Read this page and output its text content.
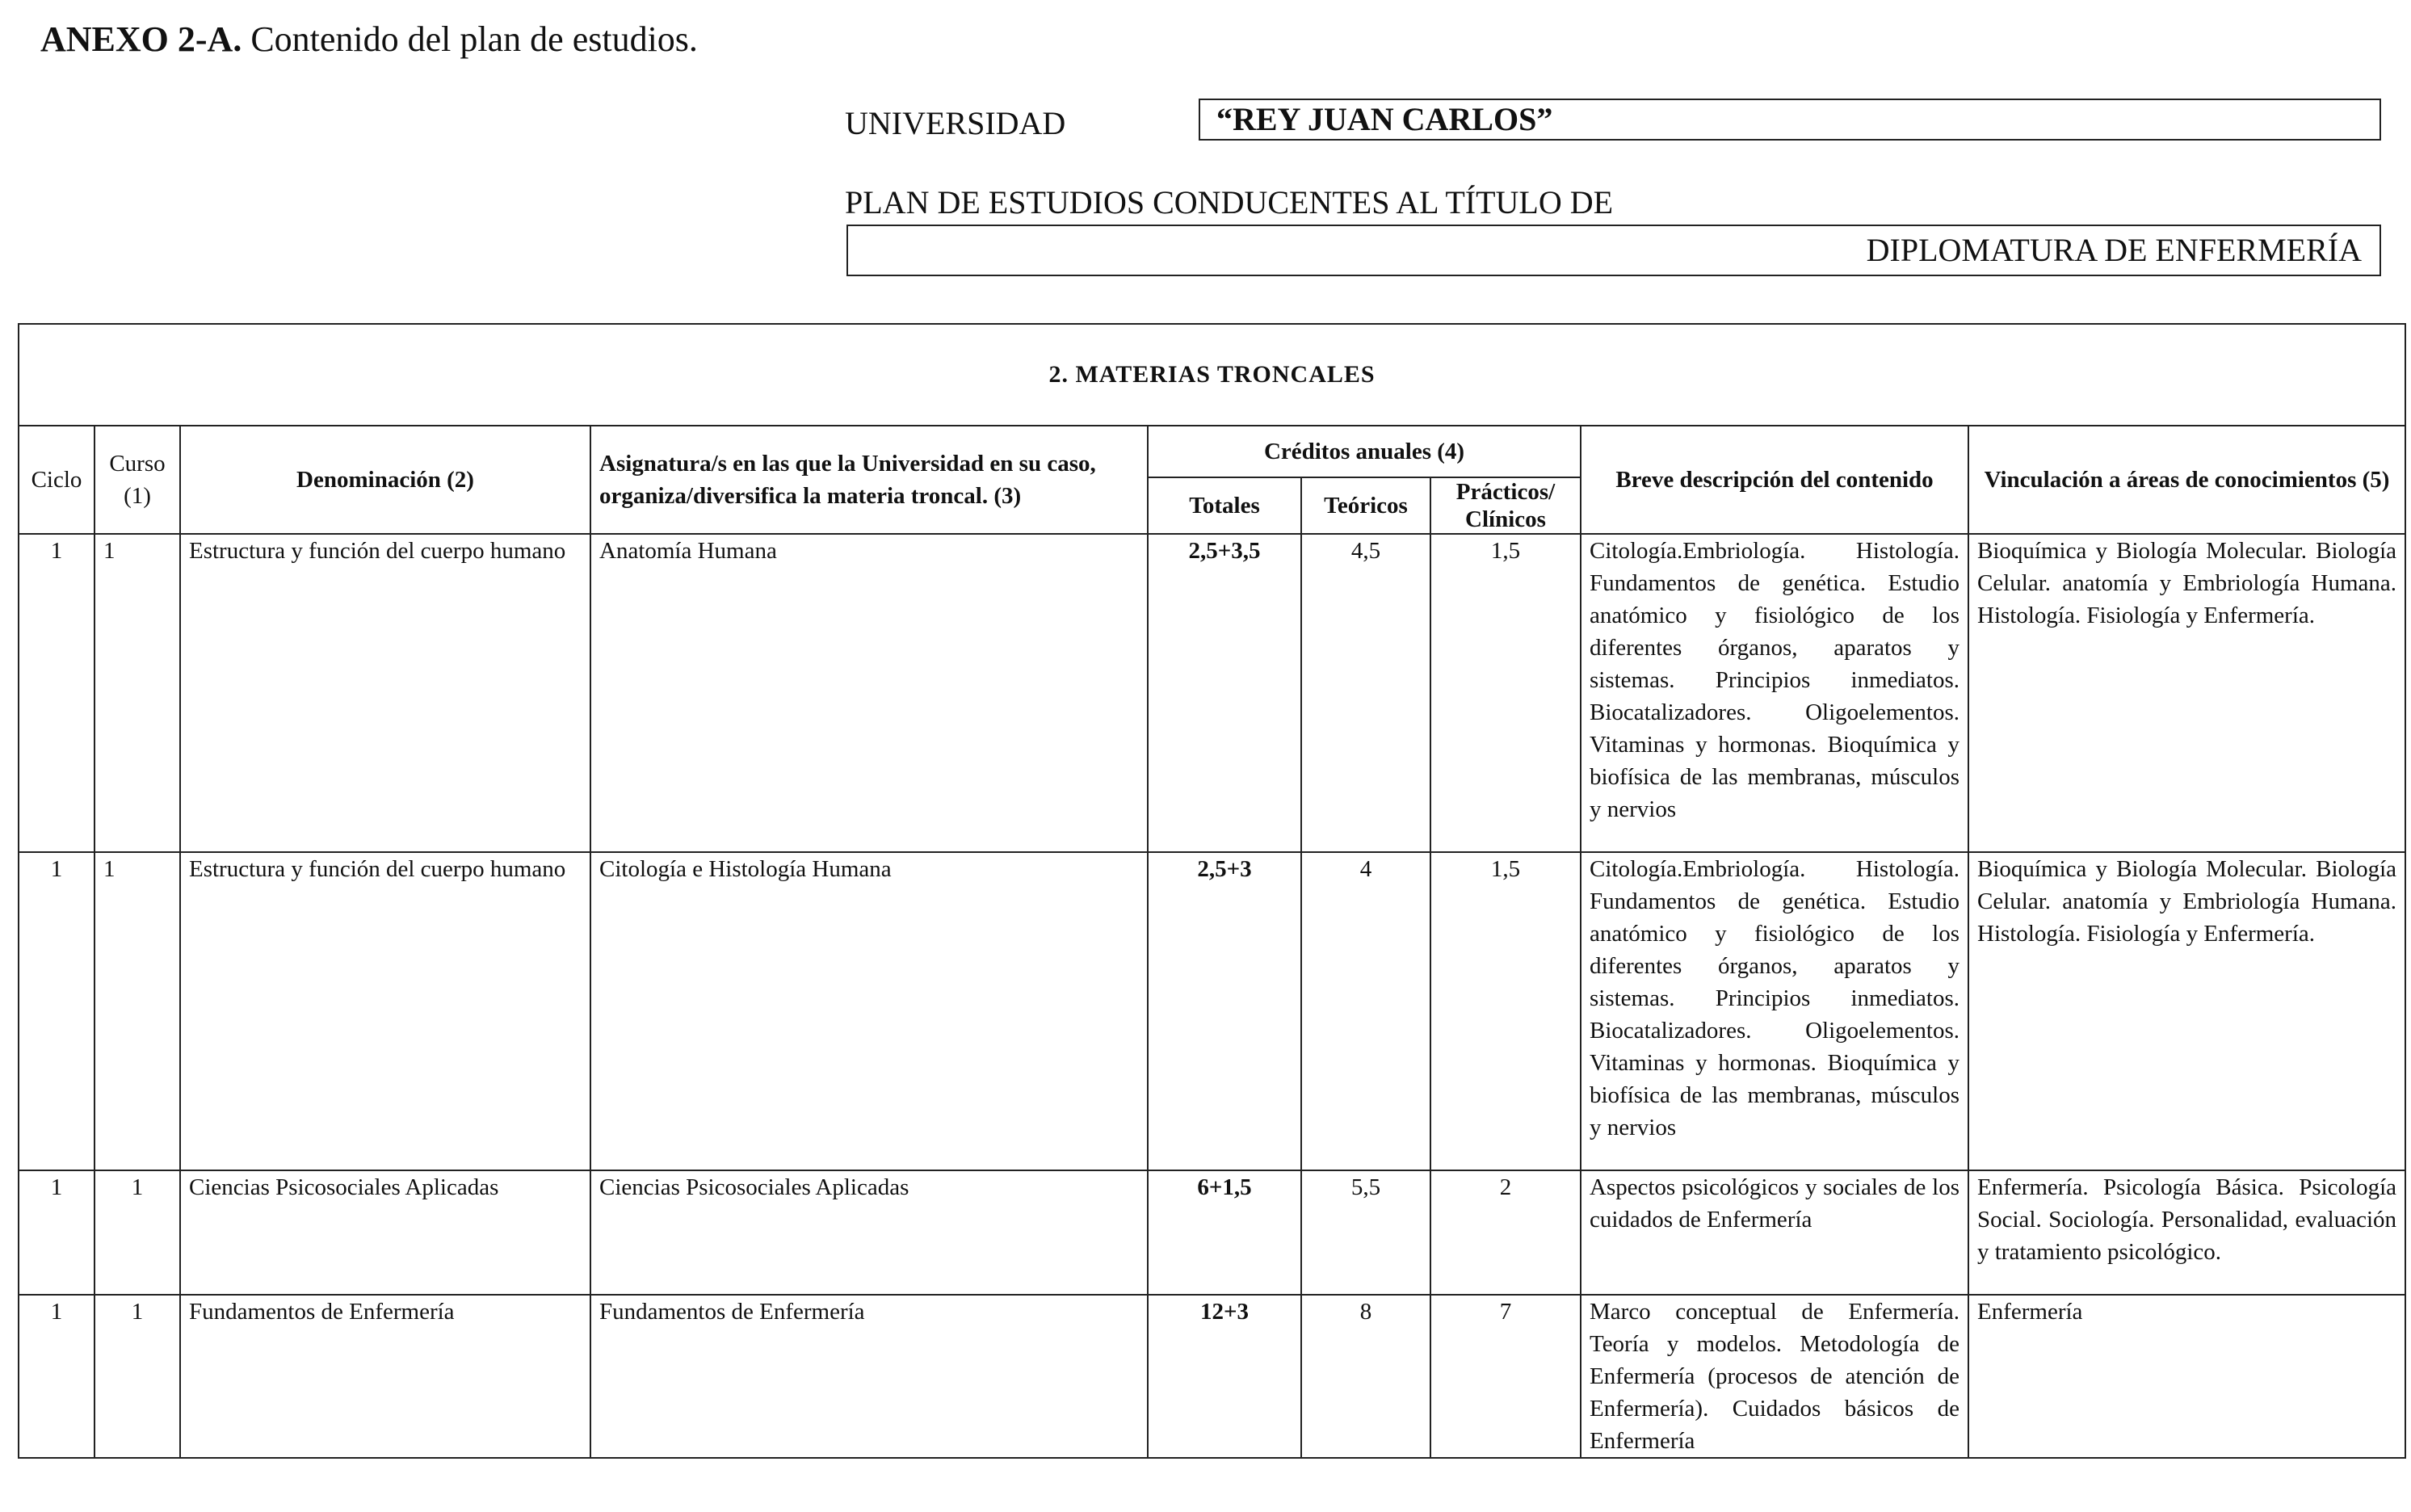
ANEXO 2-A. Contenido del plan de estudios.
UNIVERSIDAD	“REY JUAN CARLOS”
PLAN DE ESTUDIOS CONDUCENTES AL TÍTULO DE
DIPLOMATURA DE ENFERMERÍA
2. MATERIAS TRONCALES								
Ciclo	Curso (1)	Denominación (2)	Asignatura/s en las que la Universidad en su caso, organiza/diversifica la materia troncal. (3)	Créditos anuales (4)			Breve descripción del contenido	Vinculación a áreas de conocimientos (5)
				Totales	Teóricos	Prácticos/ Clínicos		
1	1	Estructura y función del cuerpo humano	Anatomía Humana	2,5+3,5	4,5	1,5	Citología.Embriología. Histología. Fundamentos de genética. Estudio anatómico y fisiológico de los diferentes órganos, aparatos y sistemas. Principios inmediatos. Biocatalizadores. Oligoelementos. Vitaminas y hormonas. Bioquímica y biofísica de las membranas, músculos y nervios	Bioquímica y Biología Molecular. Biología Celular. anatomía y Embriología Humana. Histología. Fisiología y Enfermería.
1	1	Estructura y función del cuerpo humano	Citología e Histología Humana	2,5+3	4	1,5	Citología.Embriología. Histología. Fundamentos de genética. Estudio anatómico y fisiológico de los diferentes órganos, aparatos y sistemas. Principios inmediatos. Biocatalizadores. Oligoelementos. Vitaminas y hormonas. Bioquímica y biofísica de las membranas, músculos y nervios	Bioquímica y Biología Molecular. Biología Celular. anatomía y Embriología Humana. Histología. Fisiología y Enfermería.
1	1	Ciencias Psicosociales Aplicadas	Ciencias Psicosociales Aplicadas	6+1,5	5,5	2	Aspectos psicológicos y sociales de los cuidados de Enfermería	Enfermería. Psicología Básica. Psicología Social. Sociología. Personalidad, evaluación y tratamiento psicológico.
1	1	Fundamentos de Enfermería	Fundamentos de Enfermería	12+3	8	7	Marco conceptual de Enfermería. Teoría y modelos. Metodología de Enfermería (procesos de atención de Enfermería). Cuidados básicos de Enfermería	Enfermería
